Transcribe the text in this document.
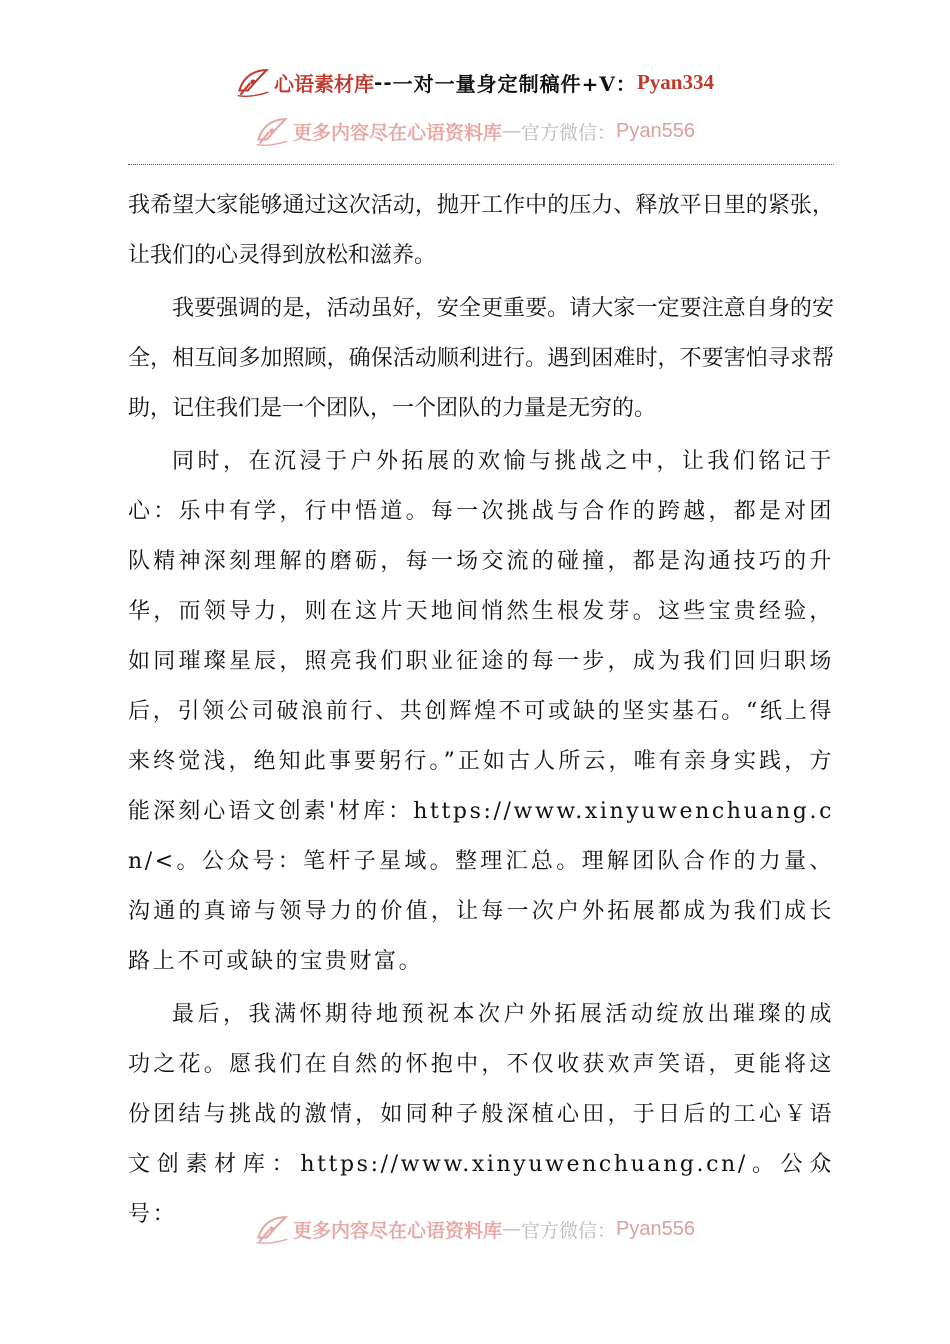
心语素材库 -- 一对一量身定制稿件+V： Pyan334
更多内容尽在心语资料库 — 官方微信： Pyan556

我希望大家能够通过这次活动，抛开工作中的压力、释放平日里的紧张，让我们的心灵得到放松和滋养。

我要强调的是，活动虽好，安全更重要。请大家一定要注意自身的安全，相互间多加照顾，确保活动顺利进行。遇到困难时，不要害怕寻求帮助，记住我们是一个团队，一个团队的力量是无穷的。

同时，在沉浸于户外拓展的欢愉与挑战之中，让我们铭记于心：乐中有学，行中悟道。每一次挑战与合作的跨越，都是对团队精神深刻理解的磨砺，每一场交流的碰撞，都是沟通技巧的升华，而领导力，则在这片天地间悄然生根发芽。这些宝贵经验，如同璀璨星辰，照亮我们职业征途的每一步，成为我们回归职场后，引领公司破浪前行、共创辉煌不可或缺的坚实基石。“纸上得来终觉浅，绝知此事要躬行。”正如古人所云，唯有亲身实践，方能深刻心语文创素'材库：https://www.xinyuwenchuang.cn/<。公众号：笔杆子星域。整理汇总。理解团队合作的力量、沟通的真谛与领导力的价值，让每一次户外拓展都成为我们成长路上不可或缺的宝贵财富。

最后，我满怀期待地预祝本次户外拓展活动绽放出璀璨的成功之花。愿我们在自然的怀抱中，不仅收获欢声笑语，更能将这份团结与挑战的激情，如同种子般深植心田，于日后的工心￥语文创素材库：https://www.xinyuwenchuang.cn/。公众号：

更多内容尽在心语资料库 — 官方微信： Pyan556
